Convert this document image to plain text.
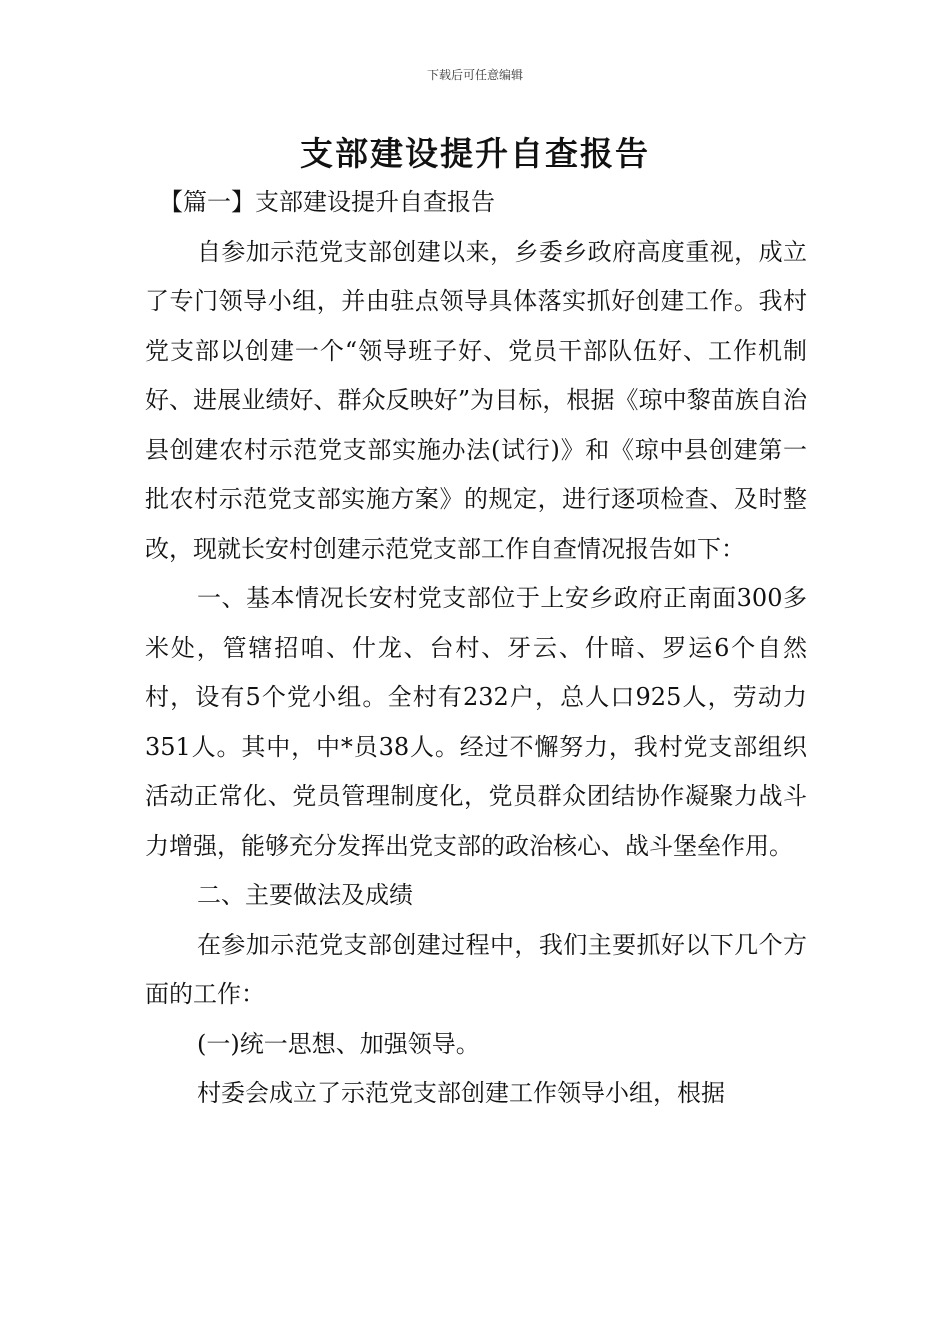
下载后可任意编辑
支部建设提升自查报告

【篇一】支部建设提升自查报告

自参加示范党支部创建以来，乡委乡政府高度重视，成立了专门领导小组，并由驻点领导具体落实抓好创建工作。我村党支部以创建一个“领导班子好、党员干部队伍好、工作机制好、进展业绩好、群众反映好”为目标，根据《琼中黎苗族自治县创建农村示范党支部实施办法(试行)》和《琼中县创建第一批农村示范党支部实施方案》的规定，进行逐项检查、及时整改，现就长安村创建示范党支部工作自查情况报告如下：

一、基本情况长安村党支部位于上安乡政府正南面300多米处，管辖招咱、什龙、台村、牙云、什暗、罗运6个自然村，设有5个党小组。全村有232户，总人口925人，劳动力351人。其中，中*员38人。经过不懈努力，我村党支部组织活动正常化、党员管理制度化，党员群众团结协作凝聚力战斗力增强，能够充分发挥出党支部的政治核心、战斗堡垒作用。

二、主要做法及成绩

在参加示范党支部创建过程中，我们主要抓好以下几个方面的工作：

(一)统一思想、加强领导。

村委会成立了示范党支部创建工作领导小组，根据
